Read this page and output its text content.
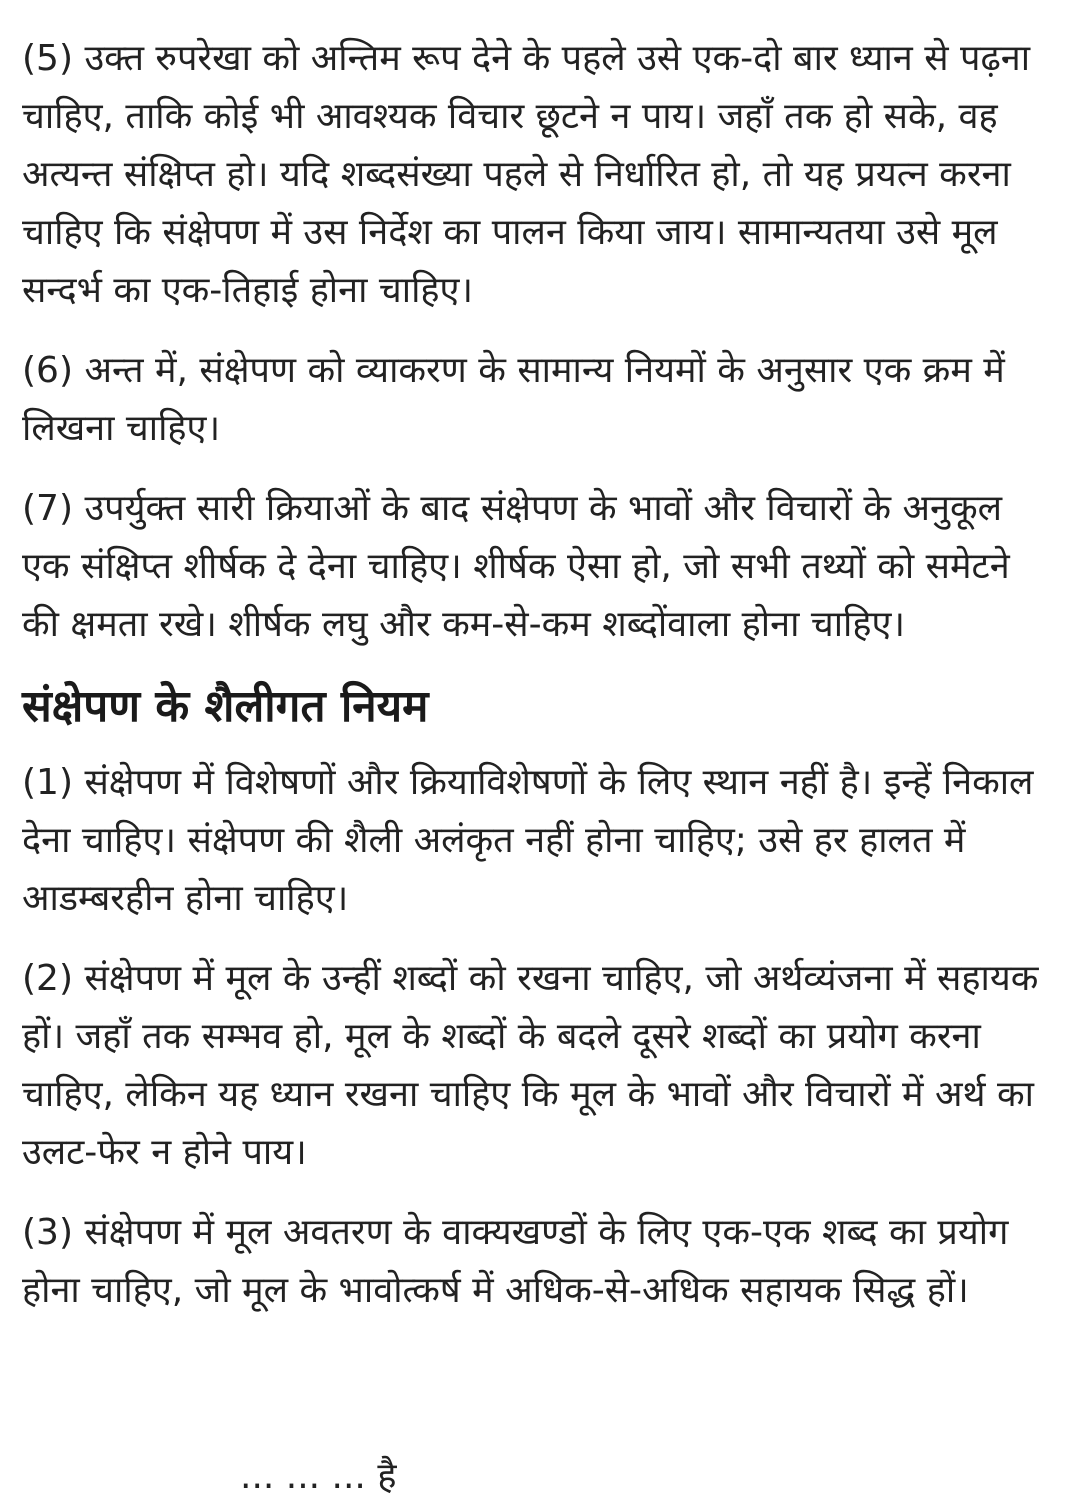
(5) उक्त रुपरेखा को अन्तिम रूप देने के पहले उसे एक-दो बार ध्यान से पढ़ना चाहिए, ताकि कोई भी आवश्यक विचार छूटने न पाय। जहाँ तक हो सके, वह अत्यन्त संक्षिप्त हो। यदि शब्दसंख्या पहले से निर्धारित हो, तो यह प्रयत्न करना चाहिए कि संक्षेपण में उस निर्देश का पालन किया जाय। सामान्यतया उसे मूल सन्दर्भ का एक-तिहाई होना चाहिए।

(6) अन्त में, संक्षेपण को व्याकरण के सामान्य नियमों के अनुसार एक क्रम में लिखना चाहिए।

(7) उपर्युक्त सारी क्रियाओं के बाद संक्षेपण के भावों और विचारों के अनुकूल एक संक्षिप्त शीर्षक दे देना चाहिए। शीर्षक ऐसा हो, जो सभी तथ्यों को समेटने की क्षमता रखे। शीर्षक लघु और कम-से-कम शब्दोंवाला होना चाहिए।

संक्षेपण के शैलीगत नियम

(1) संक्षेपण में विशेषणों और क्रियाविशेषणों के लिए स्थान नहीं है। इन्हें निकाल देना चाहिए। संक्षेपण की शैली अलंकृत नहीं होना चाहिए; उसे हर हालत में आडम्बरहीन होना चाहिए।

(2) संक्षेपण में मूल के उन्हीं शब्दों को रखना चाहिए, जो अर्थव्यंजना में सहायक हों। जहाँ तक सम्भव हो, मूल के शब्दों के बदले दूसरे शब्दों का प्रयोग करना चाहिए, लेकिन यह ध्यान रखना चाहिए कि मूल के भावों और विचारों में अर्थ का उलट-फेर न होने पाय।

(3) संक्षेपण में मूल अवतरण के वाक्यखण्डों के लिए एक-एक शब्द का प्रयोग होना चाहिए, जो मूल के भावोत्कर्ष में अधिक-से-अधिक सहायक सिद्ध हों।

... ... ... है
